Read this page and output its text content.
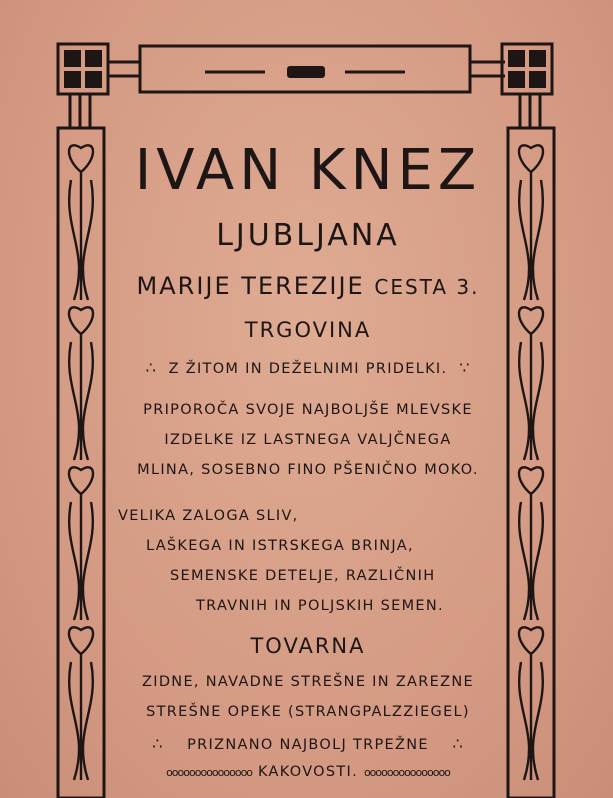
IVAN KNEZ
LJUBLJANA
MARIJE TEREZIJE CESTA 3.
TRGOVINA
∴ Z ŽITOM IN DEŽELNIMI PRIDELKI. ∵
PRIPOROČA SVOJE NAJBOLJŠE MLEVSKE
IZDELKE IZ LASTNEGA VALJČNEGA
MLINA, SOSEBNO FINO PŠENIČNO MOKO.
VELIKA ZALOGA SLIV,
LAŠKEGA IN ISTRSKEGA BRINJA,
SEMENSKE DETELJE, RAZLIČNIH
TRAVNIH IN POLJSKIH SEMEN.
TOVARNA
ZIDNE, NAVADNE STREŠNE IN ZAREZNE
STREŠNE OPEKE (STRANGPALZZIEGEL)
∴ PRIZNANO NAJBOLJ TRPEŽNE ∴
ooooooooooooooo KAKOVOSTI. ooooooooooooooo
